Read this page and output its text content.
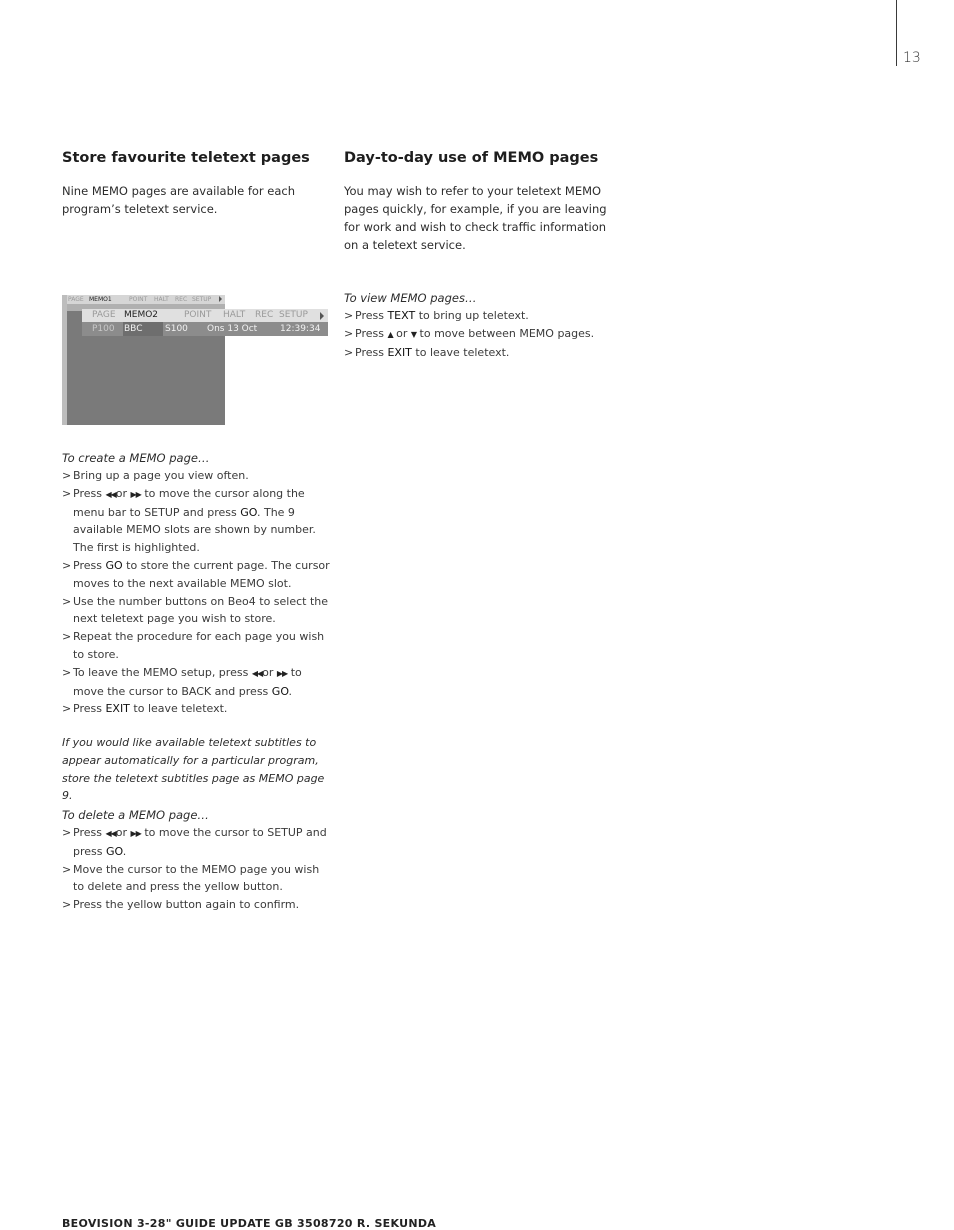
13
Store favourite teletext pages

Nine MEMO pages are available for each
program’s teletext service.

PAGE MEMO1	POINT HALT REC SETUP
PAGE MEMO2	POINT HALT REC SETUP
P100 BBC	S100 Ons 13 Oct	12:39:34
To create a MEMO page…
> Bring up a page you view often.
> Press ◀◀or ▶▶ to move the cursor along the menu bar to SETUP and press GO. The 9 available MEMO slots are shown by number. The first is highlighted.
> Press GO to store the current page. The cursor moves to the next available MEMO slot.
> Use the number buttons on Beo4 to select the next teletext page you wish to store.
> Repeat the procedure for each page you wish to store.
> To leave the MEMO setup, press ◀◀or ▶▶ to move the cursor to BACK and press GO.
> Press EXIT to leave teletext.

If you would like available teletext subtitles to appear automatically for a particular program, store the teletext subtitles page as MEMO page 9.

To delete a MEMO page…
> Press ◀◀or ▶▶ to move the cursor to SETUP and press GO.
> Move the cursor to the MEMO page you wish to delete and press the yellow button.
> Press the yellow button again to confirm.
Day-to-day use of MEMO pages

You may wish to refer to your teletext MEMO pages quickly, for example, if you are leaving for work and wish to check traffic information on a teletext service.

To view MEMO pages…
> Press TEXT to bring up teletext.
> Press ▲ or ▼ to move between MEMO pages.
> Press EXIT to leave teletext.
BEOVISION 3-28" GUIDE UPDATE GB 3508720 R. SEKUNDA
